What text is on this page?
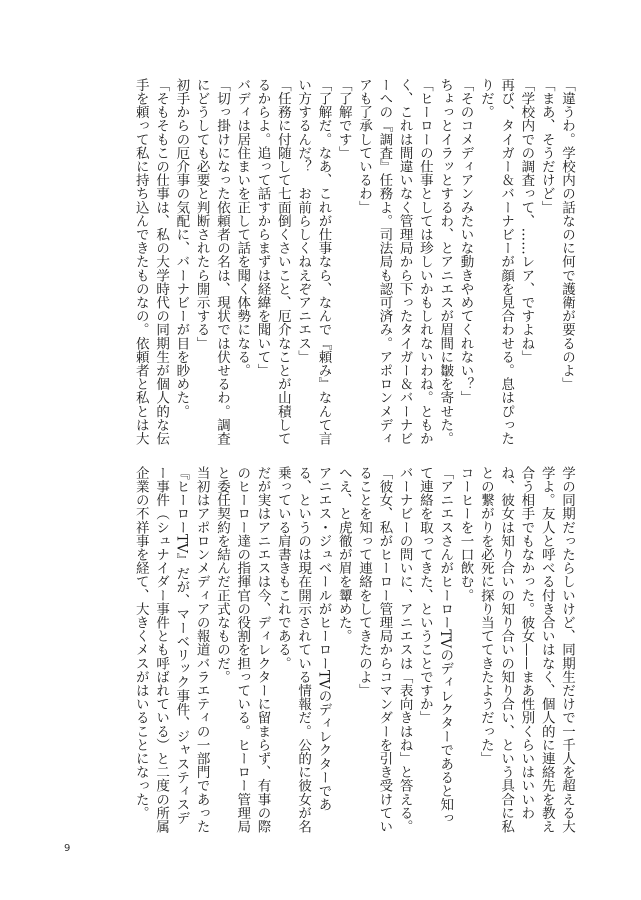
「違うわ。学校内の話なのに何で護衛が要るのよ」

「まあ、そうだけど」

「学校内での調査って、……レア、ですよね」

再び、タイガー＆バーナビーが顔を見合わせる。息はぴったりだ。

「そのコメディアンみたいな動きやめてくれない？」

ちょっとイラッとするわ、とアニエスが眉間に皺を寄せた。

「ヒーローの仕事としては珍しいかもしれないわね。ともかく、これは間違いなく管理局から下ったタイガー＆バーナビーへの『調査』任務よ。司法局も認可済み。アポロンメディアも了承しているわ」

「了解です」

「了解だ。なあ、これが仕事なら、なんで『頼み』なんて言い方するんだ？　お前らしくねえぞアニエス」

「任務に付随して七面倒くさいこと、厄介なことが山積してるからよ。追って話すからまずは経緯を聞いて」

バディは居住まいを正して話を聞く体勢になる。

「切っ掛けになった依頼者の名は、現状では伏せるわ。調査にどうしても必要と判断されたら開示する」

初手からの厄介事の気配に、バーナビーが目を眇めた。

「そもそもこの仕事は、私の大学時代の同期生が個人的な伝手を頼って私に持ち込んできたものなの。依頼者と私とは大

学の同期だったらしいけど、同期生だけで一千人を超える大学よ。友人と呼べる付き合いはなく、個人的に連絡先を教え合う相手でもなかった。彼女——まあ性別くらいはいいわね、彼女は知り合いの知り合いの知り合い、という具合に私との繋がりを必死に探り当ててきたようだった」

コーヒーを一口飲む。

「アニエスさんがヒーローTVのディレクターであると知って連絡を取ってきた、ということですか」

バーナビーの問いに、アニエスは「表向きはね」と答える。

「彼女、私がヒーロー管理局からコマンダーを引き受けていることを知って連絡をしてきたのよ」

へえ、と虎徹が眉を顰めた。

アニエス・ジュベールがヒーローTVのディレクターである、というのは現在開示されている情報だ。公的に彼女が名乗っている肩書きもこれである。

だが実はアニエスは今、ディレクターに留まらず、有事の際のヒーロー達の指揮官の役割を担っている。ヒーロー管理局と委任契約を結んだ正式なものだ。

当初はアポロンメディアの報道バラエティの一部門であった『ヒーローTV』だが、マーベリック事件、ジャスティスデー事件（シュナイダー事件とも呼ばれている）と二度の所属企業の不祥事を経て、大きくメスがはいることになった。

9
